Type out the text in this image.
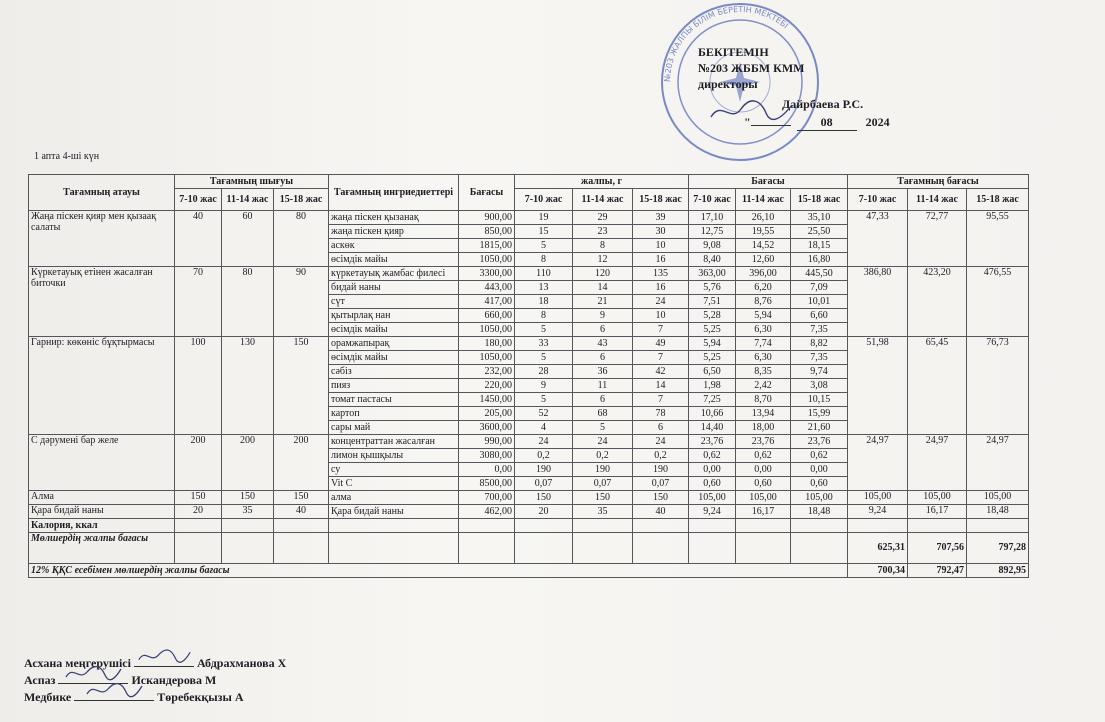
№203 ЖАЛПЫ БІЛІМ БЕРЕТІН МЕКТЕБІ
БЕКІТЕМІН
№203 ЖББМ КММ
директоры
Дайрбаева Р.С.
"	08	2024
1 апта 4-ші күн
Тағамның атауы	Тағамның шығуы			Тағамның ингриедиеттері	Бағасы	жалпы, г			Бағасы			Тағамның бағасы		
	7-10 жас	11-14 жас	15-18 жас			7-10 жас	11-14 жас	15-18 жас	7-10 жас	11-14 жас	15-18 жас	7-10 жас	11-14 жас	15-18 жас
Жаңа піскен қияр мен қызаақ салаты	40	60	80	жаңа піскен қызанақ	900,00	19	29	39	17,10	26,10	35,10	47,33	72,77	95,55
				жаңа піскен қияр	850,00	15	23	30	12,75	19,55	25,50			
				аскөк	1815,00	5	8	10	9,08	14,52	18,15			
				өсімдік майы	1050,00	8	12	16	8,40	12,60	16,80			
Күркетауық етінен жасалған биточки	70	80	90	күркетауық жамбас филесі	3300,00	110	120	135	363,00	396,00	445,50	386,80	423,20	476,55
				бидай наны	443,00	13	14	16	5,76	6,20	7,09			
				сүт	417,00	18	21	24	7,51	8,76	10,01			
				қытырлақ нан	660,00	8	9	10	5,28	5,94	6,60			
				өсімдік майы	1050,00	5	6	7	5,25	6,30	7,35			
Гарнир: көкөніс бұқтырмасы	100	130	150	орамжапырақ	180,00	33	43	49	5,94	7,74	8,82	51,98	65,45	76,73
				өсімдік майы	1050,00	5	6	7	5,25	6,30	7,35			
				сәбіз	232,00	28	36	42	6,50	8,35	9,74			
				пияз	220,00	9	11	14	1,98	2,42	3,08			
				томат пастасы	1450,00	5	6	7	7,25	8,70	10,15			
				картоп	205,00	52	68	78	10,66	13,94	15,99			
				сары май	3600,00	4	5	6	14,40	18,00	21,60			
С дәруменi бар желе	200	200	200	концентраттан жасалған	990,00	24	24	24	23,76	23,76	23,76	24,97	24,97	24,97
				лимон қышқылы	3080,00	0,2	0,2	0,2	0,62	0,62	0,62			
				су	0,00	190	190	190	0,00	0,00	0,00			
				Vit C	8500,00	0,07	0,07	0,07	0,60	0,60	0,60			
Алма	150	150	150	алма	700,00	150	150	150	105,00	105,00	105,00	105,00	105,00	105,00
Қара бидай наны	20	35	40	Қара бидай наны	462,00	20	35	40	9,24	16,17	18,48	9,24	16,17	18,48
Калория, ккал														
Мөлшердің жалпы бағасы												625,31	707,56	797,28
12% ҚҚС есебімен мөлшердің жалпы бағасы												700,34	792,47	892,95
Асхана меңгерушісі	Абдрахманова Х
Аспаз	Искандерова М
Медбике	Төребекқызы А
